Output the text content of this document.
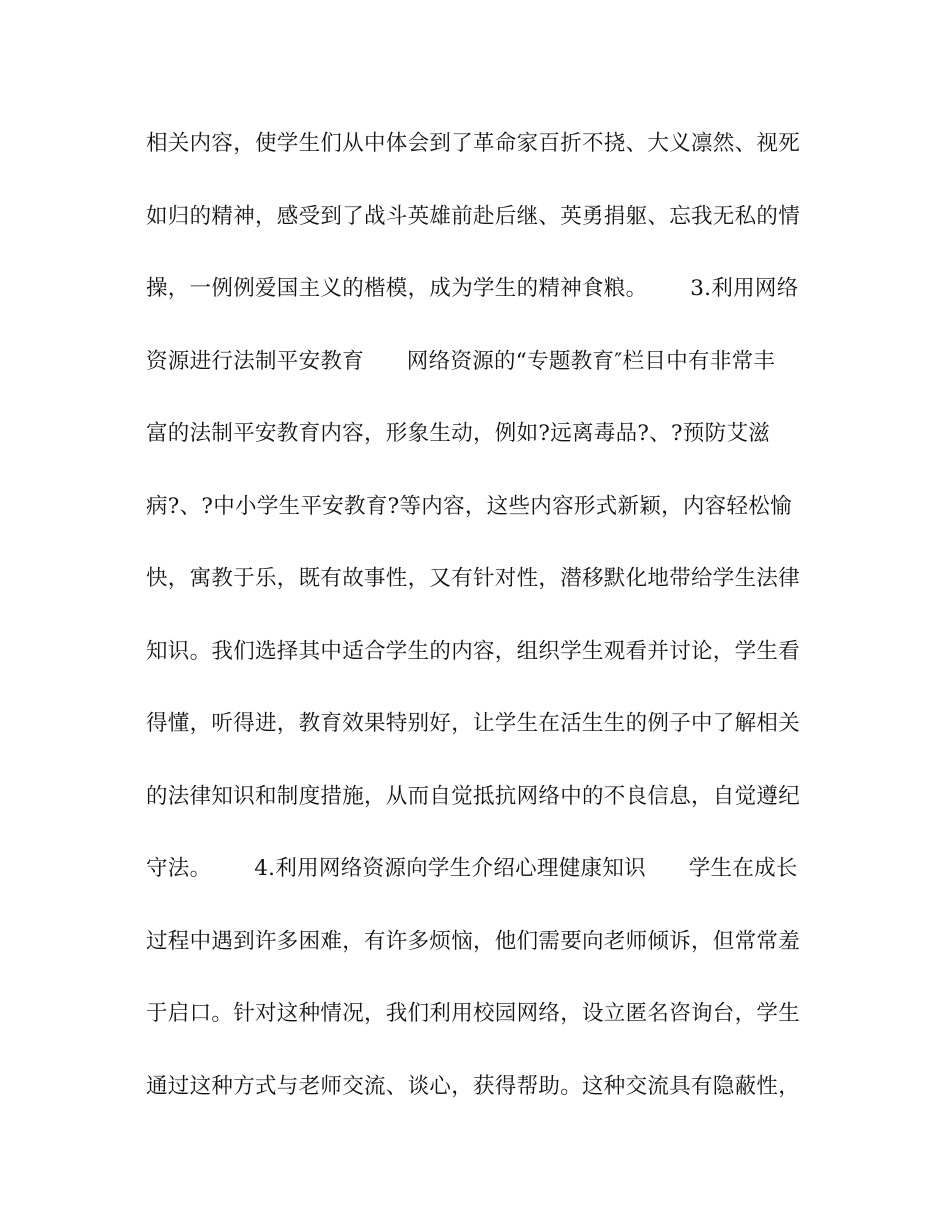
相关内容，使学生们从中体会到了革命家百折不挠、大义凛然、视死
如归的精神，感受到了战斗英雄前赴后继、英勇捐躯、忘我无私的情
操，一例例爱国主义的楷模，成为学生的精神食粮。      3.利用网络
资源进行法制平安教育      网络资源的“专题教育″栏目中有非常丰
富的法制平安教育内容，形象生动，例如?远离毒品?、?预防艾滋
病?、?中小学生平安教育?等内容，这些内容形式新颖，内容轻松愉
快，寓教于乐，既有故事性，又有针对性，潜移默化地带给学生法律
知识。我们选择其中适合学生的内容，组织学生观看并讨论，学生看
得懂，听得进，教育效果特别好，让学生在活生生的例子中了解相关
的法律知识和制度措施，从而自觉抵抗网络中的不良信息，自觉遵纪
守法。      4.利用网络资源向学生介绍心理健康知识      学生在成长
过程中遇到许多困难，有许多烦恼，他们需要向老师倾诉，但常常羞
于启口。针对这种情况，我们利用校园网络，设立匿名咨询台，学生
通过这种方式与老师交流、谈心，获得帮助。这种交流具有隐蔽性，
